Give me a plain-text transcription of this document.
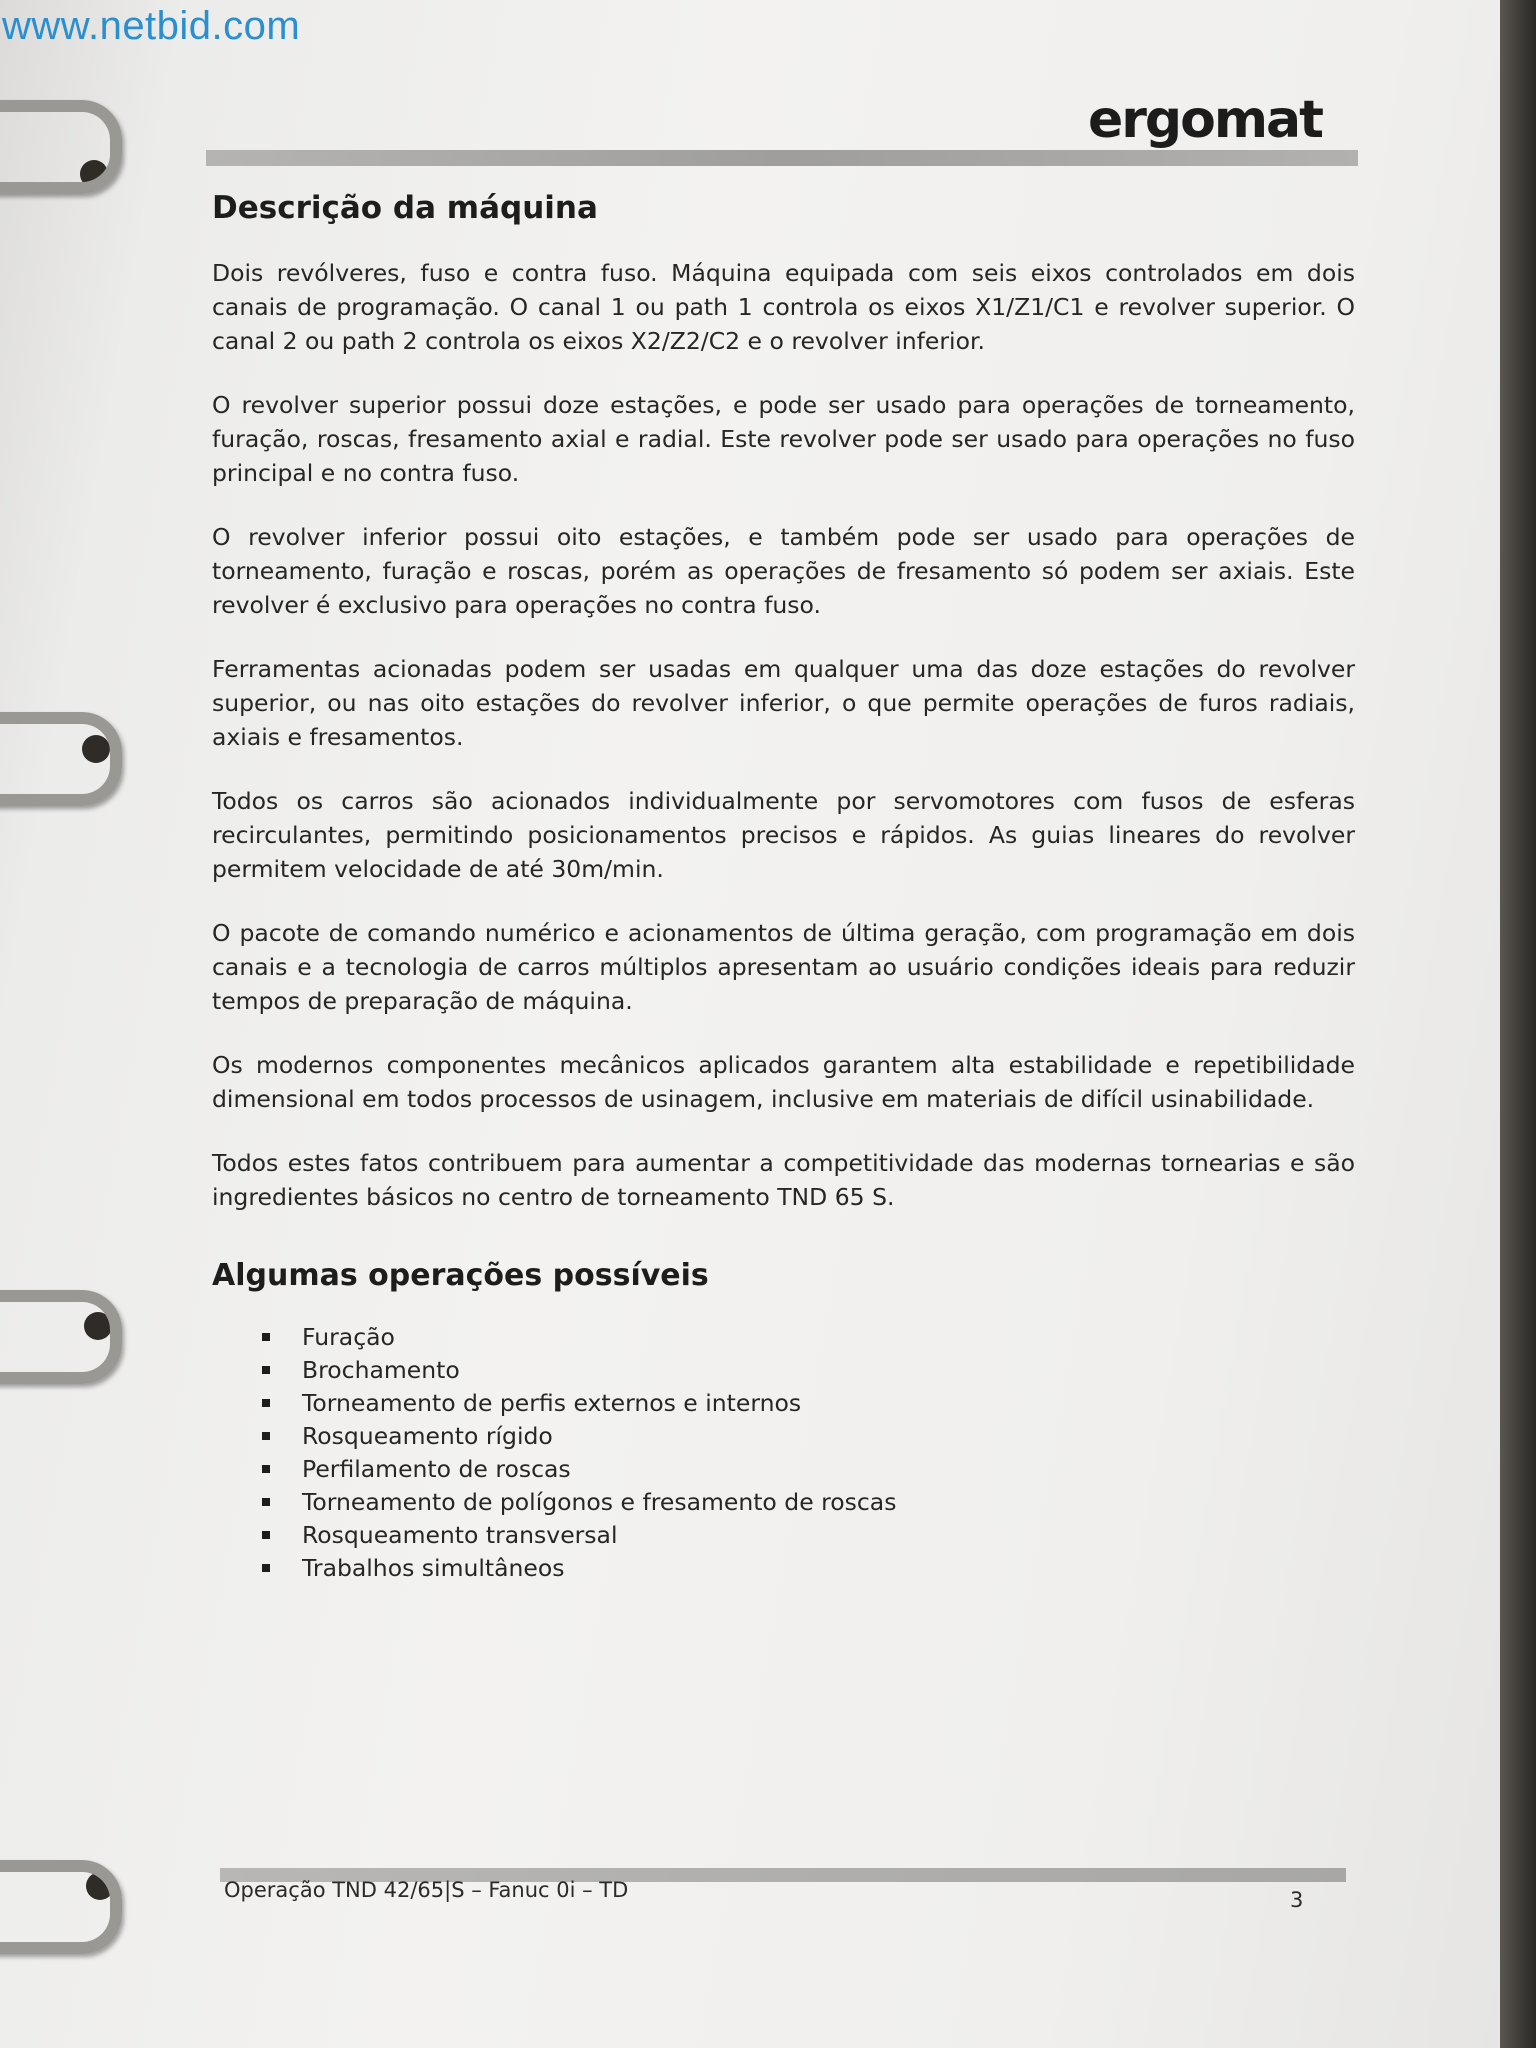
www.netbid.com
ergomat
Descrição da máquina

Dois revólveres, fuso e contra fuso. Máquina equipada com seis eixos controlados em dois canais de programação. O canal 1 ou path 1 controla os eixos X1/Z1/C1 e revolver superior. O canal 2 ou path 2 controla os eixos X2/Z2/C2 e o revolver inferior.

O revolver superior possui doze estações, e pode ser usado para operações de torneamento, furação, roscas, fresamento axial e radial. Este revolver pode ser usado para operações no fuso principal e no contra fuso.

O revolver inferior possui oito estações, e também pode ser usado para operações de torneamento, furação e roscas, porém as operações de fresamento só podem ser axiais. Este revolver é exclusivo para operações no contra fuso.

Ferramentas acionadas podem ser usadas em qualquer uma das doze estações do revolver superior, ou nas oito estações do revolver inferior, o que permite operações de furos radiais, axiais e fresamentos.

Todos os carros são acionados individualmente por servomotores com fusos de esferas recirculantes, permitindo posicionamentos precisos e rápidos. As guias lineares do revolver permitem velocidade de até 30m/min.

O pacote de comando numérico e acionamentos de última geração, com programação em dois canais e a tecnologia de carros múltiplos apresentam ao usuário condições ideais para reduzir tempos de preparação de máquina.

Os modernos componentes mecânicos aplicados garantem alta estabilidade e repetibilidade dimensional em todos processos de usinagem, inclusive em materiais de difícil usinabilidade.

Todos estes fatos contribuem para aumentar a competitividade das modernas tornearias e são ingredientes básicos no centro de torneamento TND 65 S.

Algumas operações possíveis
Furação
Brochamento
Torneamento de perfis externos e internos
Rosqueamento rígido
Perfilamento de roscas
Torneamento de polígonos e fresamento de roscas
Rosqueamento transversal
Trabalhos simultâneos
Operação TND 42/65|S – Fanuc 0i – TD	3
